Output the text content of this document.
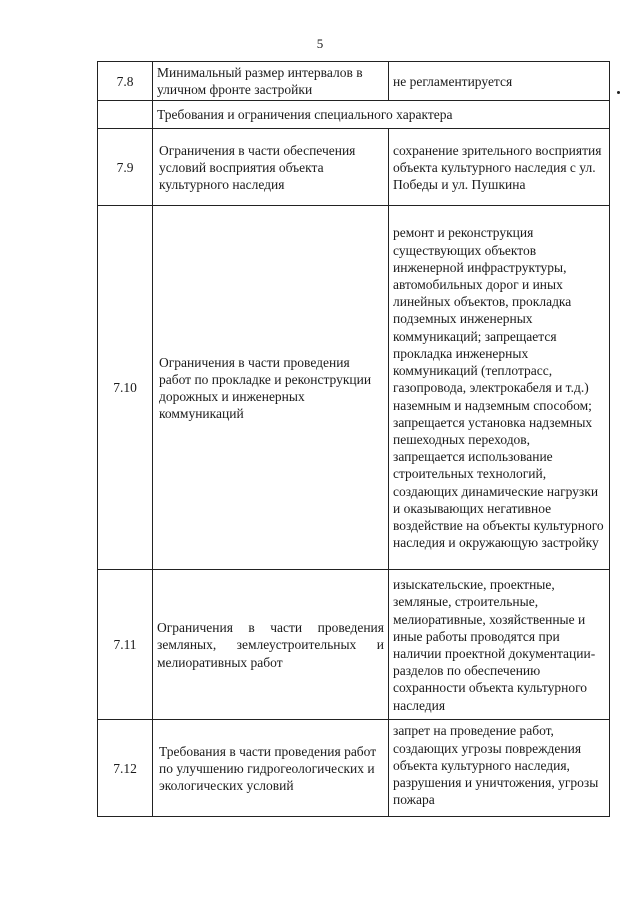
5
7.8	Минимальный размер интервалов в уличном фронте застройки	не регламентируется
	Требования и ограничения специального характера	
7.9	Ограничения в части обеспечения условий восприятия объекта культурного наследия	сохранение зрительного восприятия объекта культурного наследия с ул. Победы и ул. Пушкина
7.10	Ограничения в части проведения работ по прокладке и реконструкции дорожных и инженерных коммуникаций	ремонт и реконструкция существующих объектов инженерной инфраструктуры, автомобильных дорог и иных линейных объектов, прокладка подземных инженерных коммуникаций; запрещается прокладка инженерных коммуникаций (теплотрасс, газопровода, электрокабеля и т.д.) наземным и надземным способом; запрещается установка надземных пешеходных переходов, запрещается использование строительных технологий, создающих динамические нагрузки и оказывающих негативное воздействие на объекты культурного наследия и окружающую застройку
7.11	Ограничения в части проведения земляных, землеустроительных и мелиоративных работ	изыскательские, проектные, земляные, строительные, мелиоративные, хозяйственные и иные работы проводятся при наличии проектной документации- разделов по обеспечению сохранности объекта культурного наследия
7.12	Требования в части проведения работ по улучшению гидрогеологических и экологических условий	запрет на проведение работ, создающих угрозы повреждения объекта культурного наследия, разрушения и уничтожения, угрозы пожара
